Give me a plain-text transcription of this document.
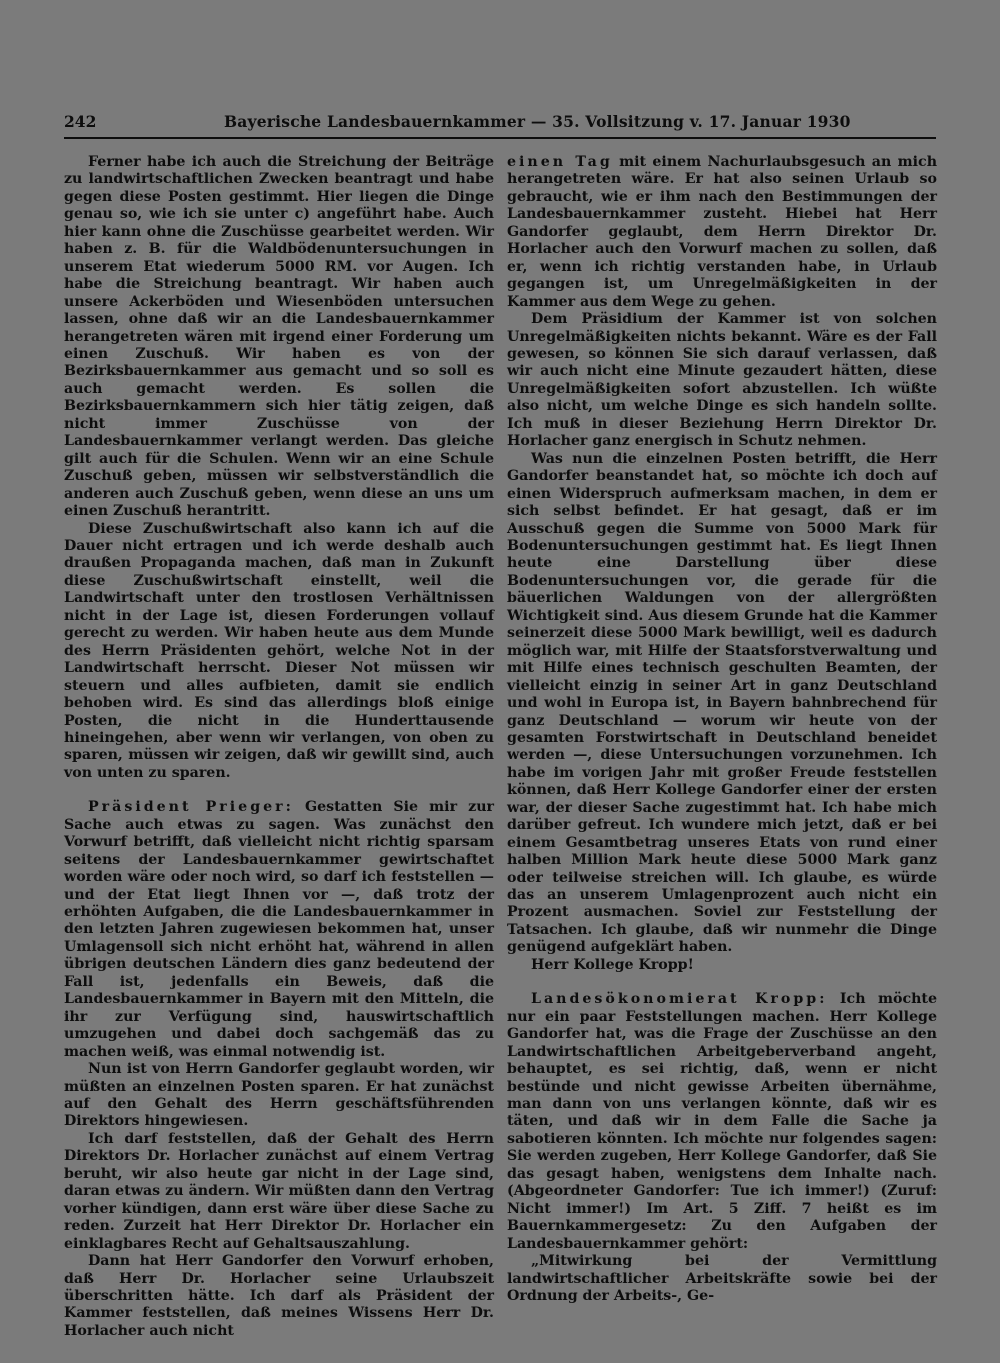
242	Bayerische Landesbauernkammer — 35. Vollsitzung v. 17. Januar 1930

Ferner habe ich auch die Streichung der Beiträge zu landwirtschaftlichen Zwecken beantragt und habe gegen diese Posten gestimmt. Hier liegen die Dinge genau so, wie ich sie unter c) angeführt habe. Auch hier kann ohne die Zuschüsse gearbeitet werden. Wir haben z. B. für die Waldbödenuntersuchungen in unserem Etat wiederum 5000 RM. vor Augen. Ich habe die Streichung beantragt. Wir haben auch unsere Ackerböden und Wiesenböden untersuchen lassen, ohne daß wir an die Landesbauernkammer herangetreten wären mit irgend einer Forderung um einen Zuschuß. Wir haben es von der Bezirksbauernkammer aus gemacht und so soll es auch gemacht werden. Es sollen die Bezirksbauernkammern sich hier tätig zeigen, daß nicht immer Zuschüsse von der Landesbauernkammer verlangt werden. Das gleiche gilt auch für die Schulen. Wenn wir an eine Schule Zuschuß geben, müssen wir selbstverständlich die anderen auch Zuschuß geben, wenn diese an uns um einen Zuschuß herantritt.

Diese Zuschußwirtschaft also kann ich auf die Dauer nicht ertragen und ich werde deshalb auch draußen Propaganda machen, daß man in Zukunft diese Zuschußwirtschaft einstellt, weil die Landwirtschaft unter den trostlosen Verhältnissen nicht in der Lage ist, diesen Forderungen vollauf gerecht zu werden. Wir haben heute aus dem Munde des Herrn Präsidenten gehört, welche Not in der Landwirtschaft herrscht. Dieser Not müssen wir steuern und alles aufbieten, damit sie endlich behoben wird. Es sind das allerdings bloß einige Posten, die nicht in die Hunderttausende hineingehen, aber wenn wir verlangen, von oben zu sparen, müssen wir zeigen, daß wir gewillt sind, auch von unten zu sparen.

Präsident Prieger: Gestatten Sie mir zur Sache auch etwas zu sagen. Was zunächst den Vorwurf betrifft, daß vielleicht nicht richtig sparsam seitens der Landesbauernkammer gewirtschaftet worden wäre oder noch wird, so darf ich feststellen — und der Etat liegt Ihnen vor —, daß trotz der erhöhten Aufgaben, die die Landesbauernkammer in den letzten Jahren zugewiesen bekommen hat, unser Umlagensoll sich nicht erhöht hat, während in allen übrigen deutschen Ländern dies ganz bedeutend der Fall ist, jedenfalls ein Beweis, daß die Landesbauernkammer in Bayern mit den Mitteln, die ihr zur Verfügung sind, hauswirtschaftlich umzugehen und dabei doch sachgemäß das zu machen weiß, was einmal notwendig ist.

Nun ist von Herrn Gandorfer geglaubt worden, wir müßten an einzelnen Posten sparen. Er hat zunächst auf den Gehalt des Herrn geschäftsführenden Direktors hingewiesen.

Ich darf feststellen, daß der Gehalt des Herrn Direktors Dr. Horlacher zunächst auf einem Vertrag beruht, wir also heute gar nicht in der Lage sind, daran etwas zu ändern. Wir müßten dann den Vertrag vorher kündigen, dann erst wäre über diese Sache zu reden. Zurzeit hat Herr Direktor Dr. Horlacher ein einklagbares Recht auf Gehaltsauszahlung.

Dann hat Herr Gandorfer den Vorwurf erhoben, daß Herr Dr. Horlacher seine Urlaubszeit überschritten hätte. Ich darf als Präsident der Kammer feststellen, daß meines Wissens Herr Dr. Horlacher auch nicht

einen Tag mit einem Nachurlaubsgesuch an mich herangetreten wäre. Er hat also seinen Urlaub so gebraucht, wie er ihm nach den Bestimmungen der Landesbauernkammer zusteht. Hiebei hat Herr Gandorfer geglaubt, dem Herrn Direktor Dr. Horlacher auch den Vorwurf machen zu sollen, daß er, wenn ich richtig verstanden habe, in Urlaub gegangen ist, um Unregelmäßigkeiten in der Kammer aus dem Wege zu gehen.

Dem Präsidium der Kammer ist von solchen Unregelmäßigkeiten nichts bekannt. Wäre es der Fall gewesen, so können Sie sich darauf verlassen, daß wir auch nicht eine Minute gezaudert hätten, diese Unregelmäßigkeiten sofort abzustellen. Ich wüßte also nicht, um welche Dinge es sich handeln sollte. Ich muß in dieser Beziehung Herrn Direktor Dr. Horlacher ganz energisch in Schutz nehmen.

Was nun die einzelnen Posten betrifft, die Herr Gandorfer beanstandet hat, so möchte ich doch auf einen Widerspruch aufmerksam machen, in dem er sich selbst befindet. Er hat gesagt, daß er im Ausschuß gegen die Summe von 5000 Mark für Bodenuntersuchungen gestimmt hat. Es liegt Ihnen heute eine Darstellung über diese Bodenuntersuchungen vor, die gerade für die bäuerlichen Waldungen von der allergrößten Wichtigkeit sind. Aus diesem Grunde hat die Kammer seinerzeit diese 5000 Mark bewilligt, weil es dadurch möglich war, mit Hilfe der Staatsforstverwaltung und mit Hilfe eines technisch geschulten Beamten, der vielleicht einzig in seiner Art in ganz Deutschland und wohl in Europa ist, in Bayern bahnbrechend für ganz Deutschland — worum wir heute von der gesamten Forstwirtschaft in Deutschland beneidet werden —, diese Untersuchungen vorzunehmen. Ich habe im vorigen Jahr mit großer Freude feststellen können, daß Herr Kollege Gandorfer einer der ersten war, der dieser Sache zugestimmt hat. Ich habe mich darüber gefreut. Ich wundere mich jetzt, daß er bei einem Gesamtbetrag unseres Etats von rund einer halben Million Mark heute diese 5000 Mark ganz oder teilweise streichen will. Ich glaube, es würde das an unserem Umlagenprozent auch nicht ein Prozent ausmachen. Soviel zur Feststellung der Tatsachen. Ich glaube, daß wir nunmehr die Dinge genügend aufgeklärt haben.

Herr Kollege Kropp!

Landesökonomierat Kropp: Ich möchte nur ein paar Feststellungen machen. Herr Kollege Gandorfer hat, was die Frage der Zuschüsse an den Landwirtschaftlichen Arbeitgeberverband angeht, behauptet, es sei richtig, daß, wenn er nicht bestünde und nicht gewisse Arbeiten übernähme, man dann von uns verlangen könnte, daß wir es täten, und daß wir in dem Falle die Sache ja sabotieren könnten. Ich möchte nur folgendes sagen: Sie werden zugeben, Herr Kollege Gandorfer, daß Sie das gesagt haben, wenigstens dem Inhalte nach. (Abgeordneter Gandorfer: Tue ich immer!) (Zuruf: Nicht immer!) Im Art. 5 Ziff. 7 heißt es im Bauernkammergesetz: Zu den Aufgaben der Landesbauernkammer gehört:

„Mitwirkung bei der Vermittlung landwirtschaftlicher Arbeitskräfte sowie bei der Ordnung der Arbeits-, Ge-
